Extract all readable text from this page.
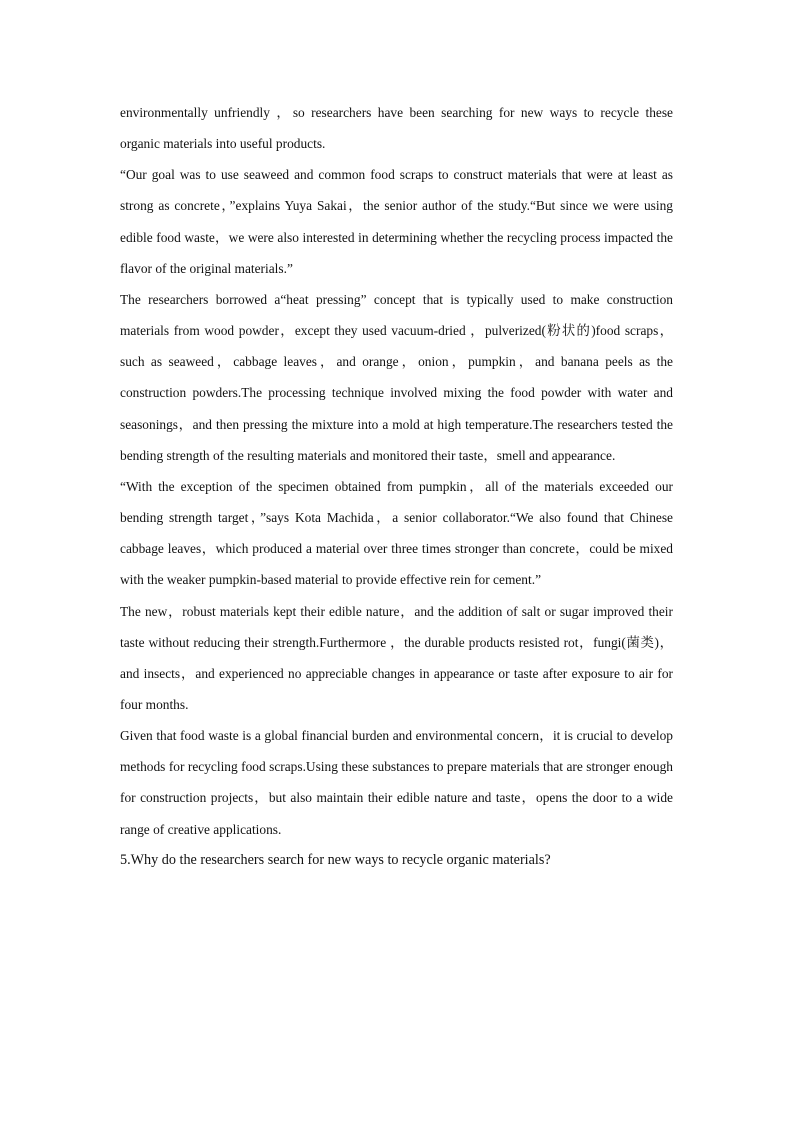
environmentally unfriendly ，so researchers have been searching for new ways to recycle these organic materials into useful products.

“Our goal was to use seaweed and common food scraps to construct materials that were at least as strong as concrete，”explains Yuya Sakai，the senior author of the study.“But since we were using edible food waste，we were also interested in determining whether the recycling process impacted the flavor of the original materials.”

The researchers borrowed a“heat pressing” concept that is typically used to make construction materials from wood powder，except they used vacuum-dried ，pulverized(粉状的)food scraps，such as seaweed，cabbage leaves，and orange，onion，pumpkin，and banana peels as the construction powders.The processing technique involved mixing the food powder with water and seasonings，and then pressing the mixture into a mold at high temperature.The researchers tested the bending strength of the resulting materials and monitored their taste，smell and appearance.

“With the exception of the specimen obtained from pumpkin，all of the materials exceeded our bending strength target，”says Kota Machida，a senior collaborator.“We also found that Chinese cabbage leaves，which produced a material over three times stronger than concrete，could be mixed with the weaker pumpkin-based material to provide effective rein for cement.”

The new，robust materials kept their edible nature，and the addition of salt or sugar improved their taste without reducing their strength.Furthermore ，the durable products resisted rot，fungi(菌类)，and insects，and experienced no appreciable changes in appearance or taste after exposure to air for four months.

Given that food waste is a global financial burden and environmental concern，it is crucial to develop methods for recycling food scraps.Using these substances to prepare materials that are stronger enough for construction projects，but also maintain their edible nature and taste，opens the door to a wide range of creative applications.

5.Why do the researchers search for new ways to recycle organic materials?
